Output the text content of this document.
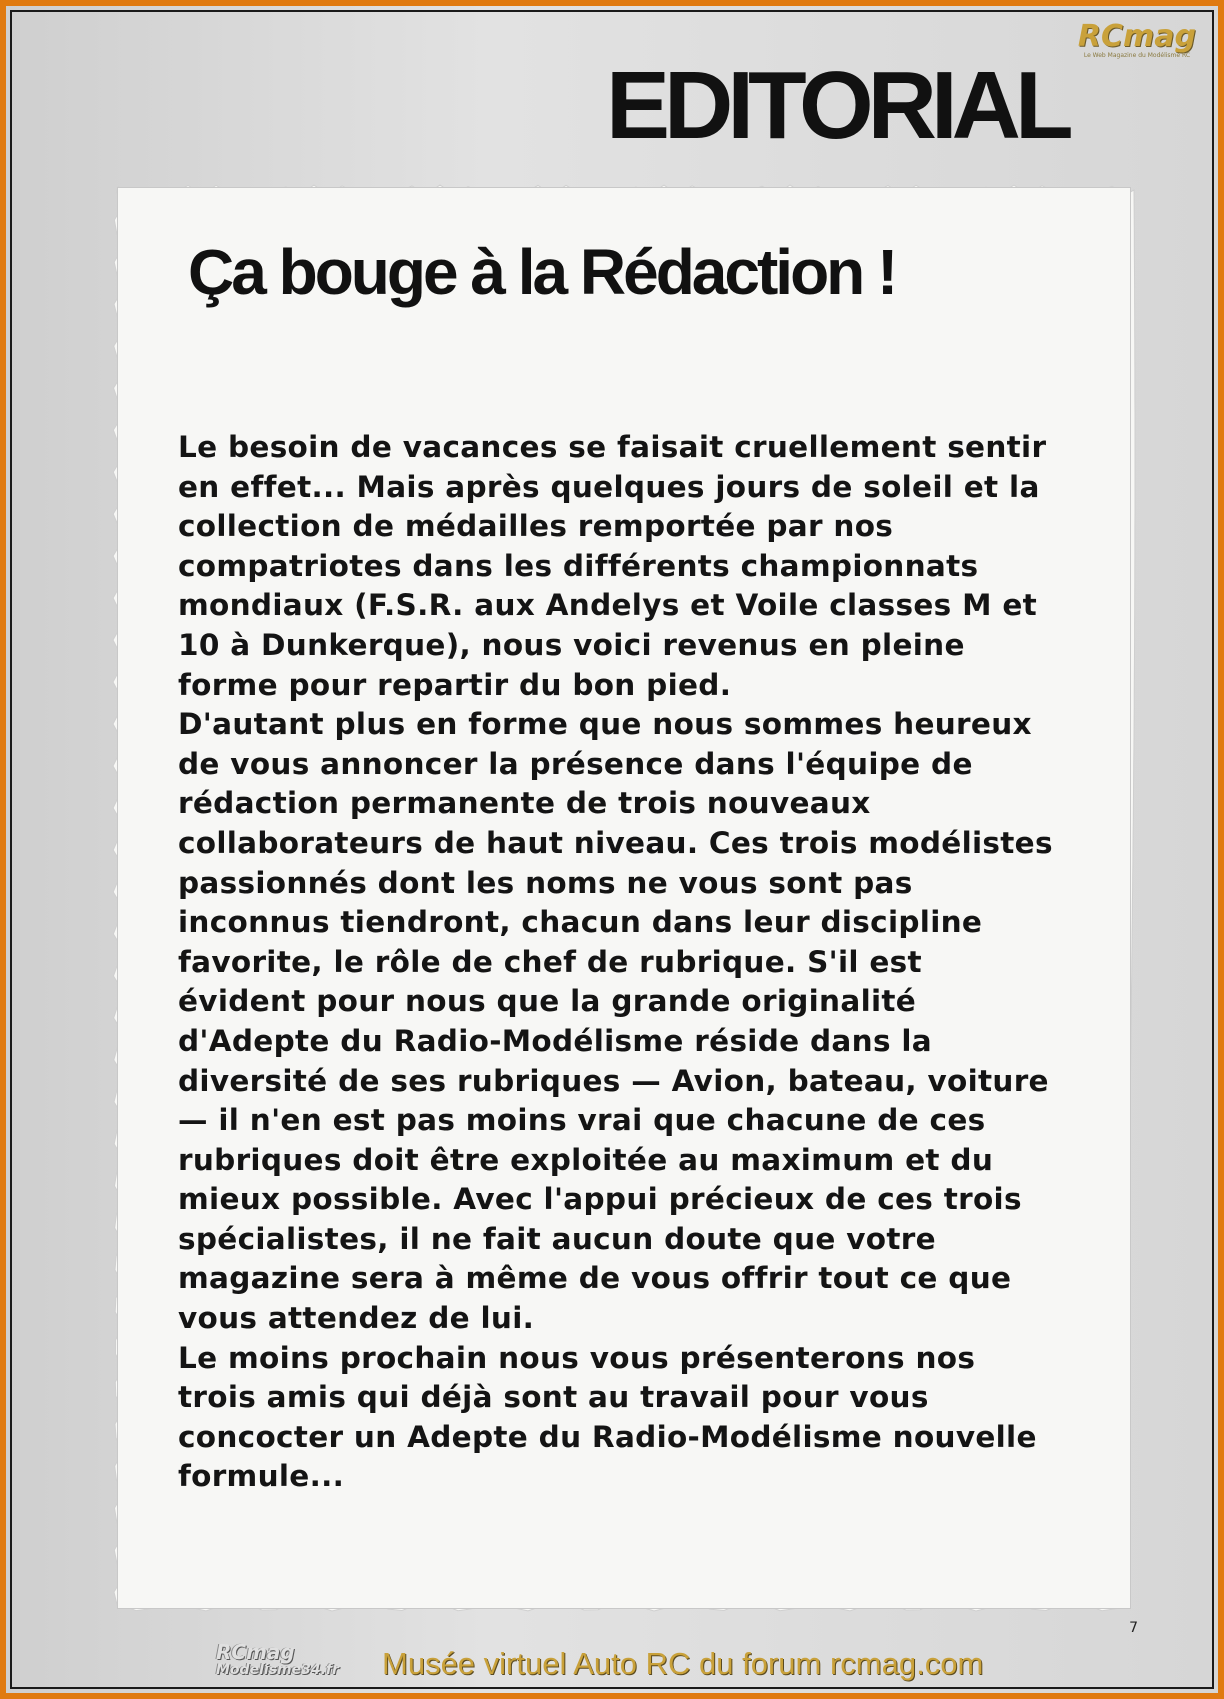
RCmag
Le Web Magazine du Modélisme RC
EDITORIAL
Ça bouge à la Rédaction !

Le besoin de vacances se faisait cruellement sentir en effet... Mais après quelques jours de soleil et la collection de médailles remportée par nos compatriotes dans les différents championnats mondiaux (F.S.R. aux Andelys et Voile classes M et 10 à Dunkerque), nous voici revenus en pleine forme pour repartir du bon pied.

D'autant plus en forme que nous sommes heureux de vous annoncer la présence dans l'équipe de rédaction permanente de trois nouveaux collaborateurs de haut niveau. Ces trois modélistes passionnés dont les noms ne vous sont pas inconnus tiendront, chacun dans leur discipline favorite, le rôle de chef de rubrique. S'il est évident pour nous que la grande originalité d'Adepte du Radio-Modélisme réside dans la diversité de ses rubriques — Avion, bateau, voiture — il n'en est pas moins vrai que chacune de ces rubriques doit être exploitée au maximum et du mieux possible. Avec l'appui précieux de ces trois spécialistes, il ne fait aucun doute que votre magazine sera à même de vous offrir tout ce que vous attendez de lui.

Le moins prochain nous vous présenterons nos trois amis qui déjà sont au travail pour vous concocter un Adepte du Radio-Modélisme nouvelle formule...

7
RCmag
Modelisme34.fr Musée virtuel Auto RC du forum rcmag.com
